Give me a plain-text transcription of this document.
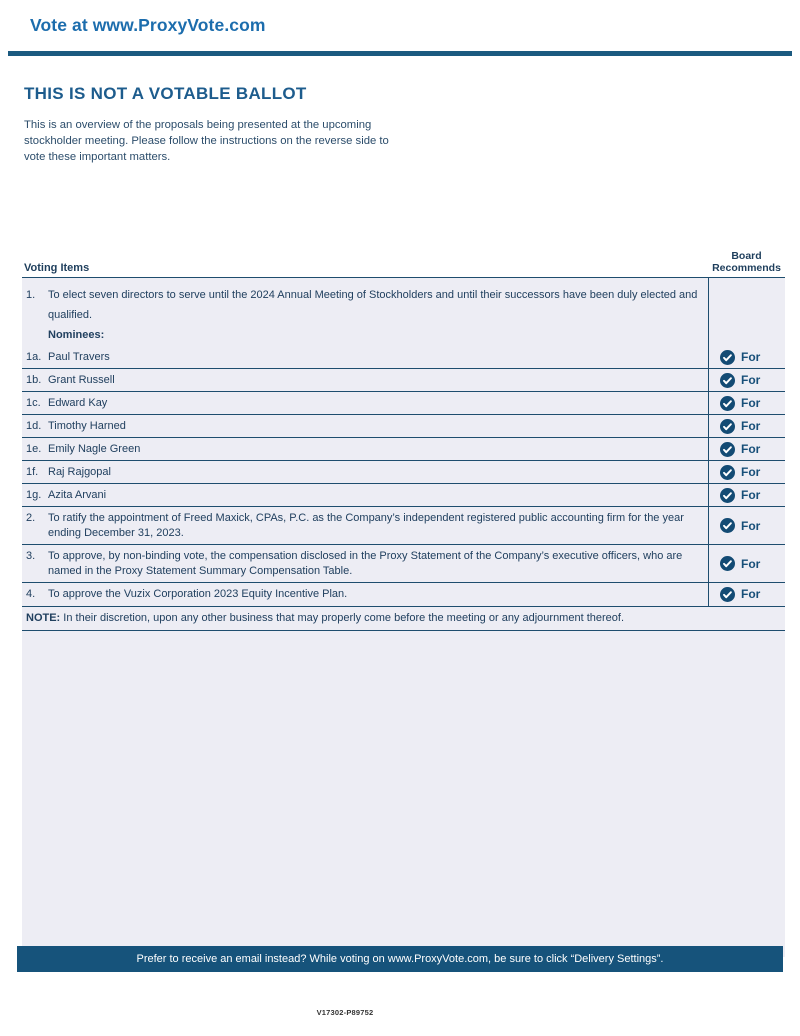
Vote at www.ProxyVote.com
THIS IS NOT A VOTABLE BALLOT
This is an overview of the proposals being presented at the upcoming stockholder meeting. Please follow the instructions on the reverse side to vote these important matters.
Voting Items
Board
Recommends
1.	To elect seven directors to serve until the 2024 Annual Meeting of Stockholders and until their successors have been duly elected and qualified.
Nominees:
1a. Paul Travers	For
1b. Grant Russell	For
1c. Edward Kay	For
1d. Timothy Harned	For
1e. Emily Nagle Green	For
1f. Raj Rajgopal	For
1g. Azita Arvani	For
2.	To ratify the appointment of Freed Maxick, CPAs, P.C. as the Company’s independent registered public accounting firm for the year ending December 31, 2023.	For
3.	To approve, by non-binding vote, the compensation disclosed in the Proxy Statement of the Company’s executive officers, who are named in the Proxy Statement Summary Compensation Table.	For
4.	To approve the Vuzix Corporation 2023 Equity Incentive Plan.	For
NOTE: In their discretion, upon any other business that may properly come before the meeting or any adjournment thereof.
Prefer to receive an email instead? While voting on www.ProxyVote.com, be sure to click “Delivery Settings”.
V17302-P89752
